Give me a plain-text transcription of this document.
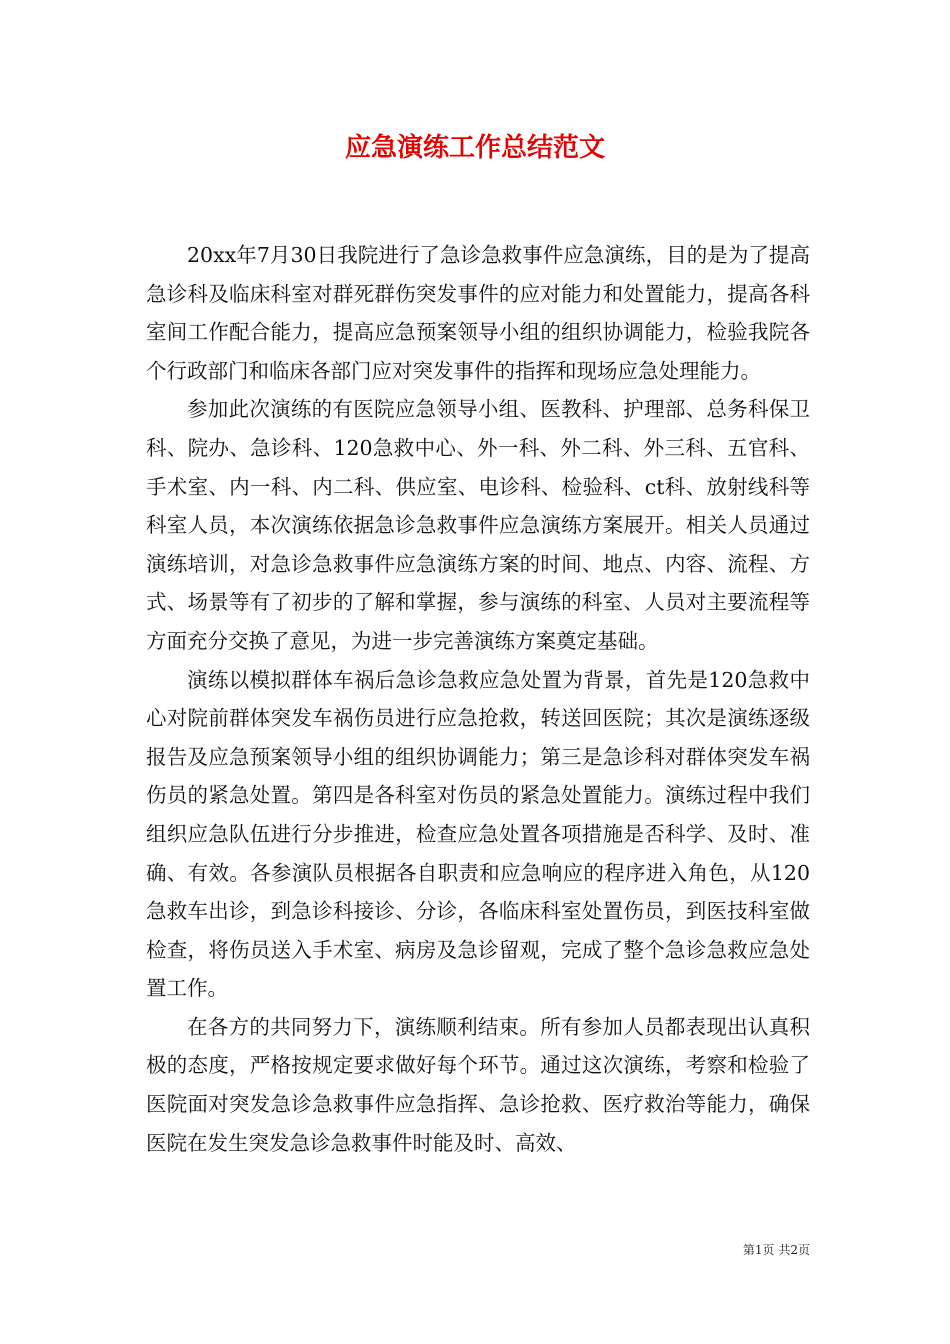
应急演练工作总结范文

20xx年7月30日我院进行了急诊急救事件应急演练，目的是为了提高急诊科及临床科室对群死群伤突发事件的应对能力和处置能力，提高各科室间工作配合能力，提高应急预案领导小组的组织协调能力，检验我院各个行政部门和临床各部门应对突发事件的指挥和现场应急处理能力。

参加此次演练的有医院应急领导小组、医教科、护理部、总务科保卫科、院办、急诊科、120急救中心、外一科、外二科、外三科、五官科、手术室、内一科、内二科、供应室、电诊科、检验科、ct科、放射线科等科室人员，本次演练依据急诊急救事件应急演练方案展开。相关人员通过演练培训，对急诊急救事件应急演练方案的时间、地点、内容、流程、方式、场景等有了初步的了解和掌握，参与演练的科室、人员对主要流程等方面充分交换了意见，为进一步完善演练方案奠定基础。

演练以模拟群体车祸后急诊急救应急处置为背景，首先是120急救中心对院前群体突发车祸伤员进行应急抢救，转送回医院；其次是演练逐级报告及应急预案领导小组的组织协调能力；第三是急诊科对群体突发车祸伤员的紧急处置。第四是各科室对伤员的紧急处置能力。演练过程中我们组织应急队伍进行分步推进，检查应急处置各项措施是否科学、及时、准确、有效。各参演队员根据各自职责和应急响应的程序进入角色，从120急救车出诊，到急诊科接诊、分诊，各临床科室处置伤员，到医技科室做检查，将伤员送入手术室、病房及急诊留观，完成了整个急诊急救应急处置工作。

在各方的共同努力下，演练顺利结束。所有参加人员都表现出认真积极的态度，严格按规定要求做好每个环节。通过这次演练，考察和检验了医院面对突发急诊急救事件应急指挥、急诊抢救、医疗救治等能力，确保医院在发生突发急诊急救事件时能及时、高效、

第1页 共2页
